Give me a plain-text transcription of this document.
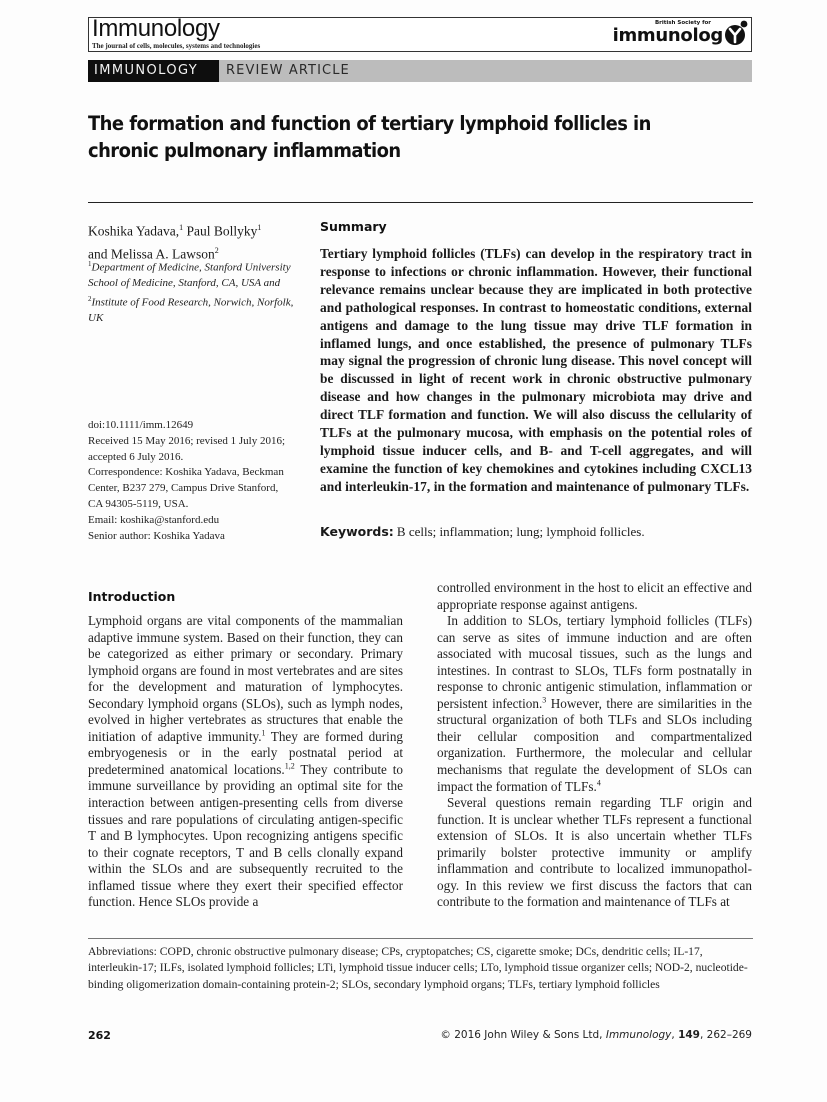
Immunology
The journal of cells, molecules, systems and technologies
British Society for
immunolog
IMMUNOLOGY REVIEW ARTICLE
The formation and function of tertiary lymphoid follicles in chronic pulmonary inflammation
Koshika Yadava,$^1$ Paul Bollyky$^1$
and Melissa A. Lawson$^2$
$^1$Department of Medicine, Stanford University School of Medicine, Stanford, CA, USA and $^2$Institute of Food Research, Norwich, Norfolk, UK
doi:10.1111/imm.12649
Received 15 May 2016; revised 1 July 2016;
accepted 6 July 2016.
Correspondence: Koshika Yadava, Beckman
Center, B237 279, Campus Drive Stanford,
CA 94305-5119, USA.
Email: koshika@stanford.edu
Senior author: Koshika Yadava
Summary
Tertiary lymphoid follicles (TLFs) can develop in the respiratory tract in response to infections or chronic inflammation. However, their functional relevance remains unclear because they are implicated in both protective and pathological responses. In contrast to homeostatic conditions, external antigens and damage to the lung tissue may drive TLF formation in inflamed lungs, and once established, the presence of pulmonary TLFs may signal the progression of chronic lung disease. This novel concept will be discussed in light of recent work in chronic obstructive pulmonary disease and how changes in the pulmonary microbiota may drive and direct TLF formation and function. We will also discuss the cellularity of TLFs at the pulmonary mucosa, with emphasis on the potential roles of lymphoid tissue inducer cells, and B- and T-cell aggregates, and will examine the function of key chemokines and cytokines including CXCL13 and interleukin-17, in the formation and maintenance of pulmonary TLFs.
Keywords: B cells; inflammation; lung; lymphoid follicles.
Introduction

Lymphoid organs are vital components of the mammalian adaptive immune system. Based on their function, they can be categorized as either primary or secondary. Primary lymphoid organs are found in most vertebrates and are sites for the development and maturation of lymphocytes. Secondary lymphoid organs (SLOs), such as lymph nodes, evolved in higher vertebrates as structures that enable the initiation of adaptive immunity.$^1$ They are formed during embryogenesis or in the early postnatal period at predetermined anatomical locations.$^{1,2}$ They contribute to immune surveillance by providing an optimal site for the interaction between antigen-presenting cells from diverse tissues and rare populations of circulating antigen-specific T and B lymphocytes. Upon recognizing antigens specific to their cognate receptors, T and B cells clonally expand within the SLOs and are subsequently recruited to the inflamed tissue where they exert their specified effector function. Hence SLOs provide a

controlled environment in the host to elicit an effective and appropriate response against antigens.

In addition to SLOs, tertiary lymphoid follicles (TLFs) can serve as sites of immune induction and are often associated with mucosal tissues, such as the lungs and intestines. In contrast to SLOs, TLFs form postnatally in response to chronic antigenic stimulation, inflammation or persistent infection.$^3$ However, there are similarities in the structural organization of both TLFs and SLOs including their cellular composition and compartmentalized organization. Furthermore, the molecular and cellular mechanisms that regulate the development of SLOs can impact the formation of TLFs.$^4$

Several questions remain regarding TLF origin and function. It is unclear whether TLFs represent a functional extension of SLOs. It is also uncertain whether TLFs primarily bolster protective immunity or amplify inflammation and contribute to localized immunopathology. In this review we first discuss the factors that can contribute to the formation and maintenance of TLFs at

Abbreviations: COPD, chronic obstructive pulmonary disease; CPs, cryptopatches; CS, cigarette smoke; DCs, dendritic cells; IL-17, interleukin-17; ILFs, isolated lymphoid follicles; LTi, lymphoid tissue inducer cells; LTo, lymphoid tissue organizer cells; NOD-2, nucleotide-binding oligomerization domain-containing protein-2; SLOs, secondary lymphoid organs; TLFs, tertiary lymphoid follicles
262	© 2016 John Wiley & Sons Ltd, Immunology, 149, 262–269
